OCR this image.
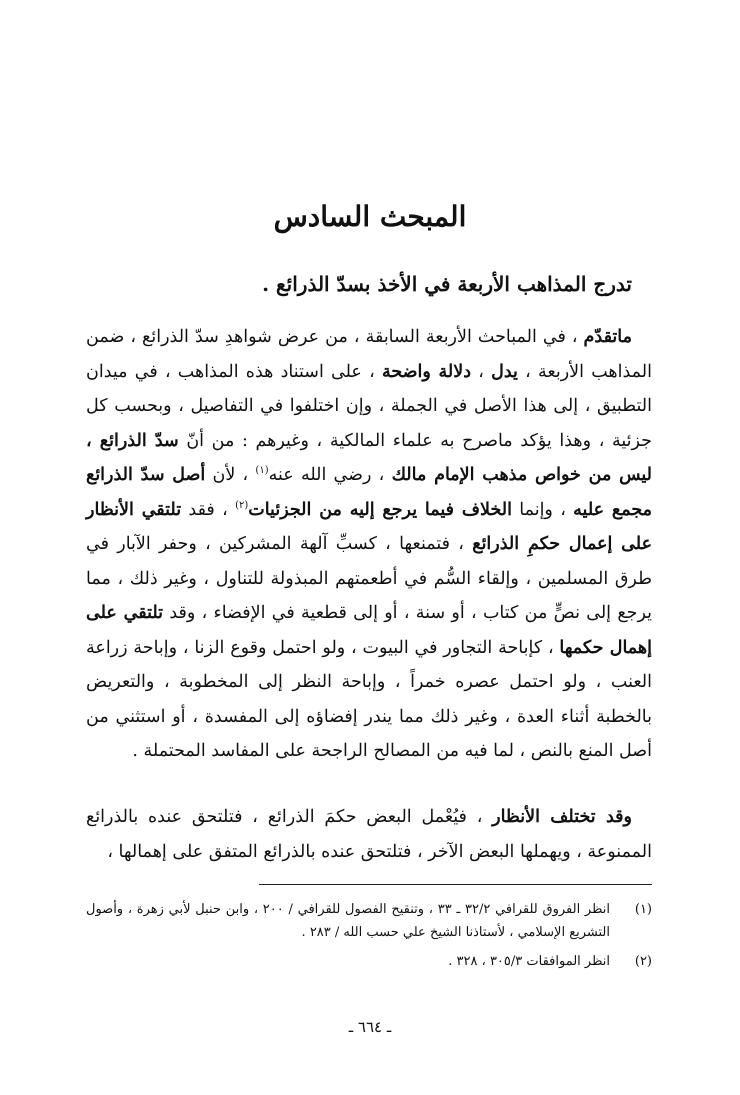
المبحث السادس
تدرج المذاهب الأربعة في الأخذ بسدّ الذرائع .

ماتقدّم ، في المباحث الأربعة السابقة ، من عرض شواهدِ سدّ الذرائع ، ضمن المذاهب الأربعة ، يدل ، دلالة واضحة ، على استناد هذه المذاهب ، في ميدان التطبيق ، إلى هذا الأصل في الجملة ، وإن اختلفوا في التفاصيل ، وبحسب كل جزئية ، وهذا يؤكد ماصرح به علماء المالكية ، وغيرهم : من أنّ سدّ الذرائع ، ليس من خواص مذهب الإمام مالك ، رضي الله عنه$^{(١)}$ ، لأن أصل سدّ الذرائع مجمع عليه ، وإنما الخلاف فيما يرجع إليه من الجزئيات$^{(٢)}$ ، فقد تلتقي الأنظار على إعمال حكمِ الذرائع ، فتمنعها ، كسبِّ آلهة المشركين ، وحفر الآبار في طرق المسلمين ، وإلقاء السُّم في أطعمتهم المبذولة للتناول ، وغير ذلك ، مما يرجع إلى نصٍّ من كتاب ، أو سنة ، أو إلى قطعية في الإفضاء ، وقد تلتقي على إهمال حكمها ، كإباحة التجاور في البيوت ، ولو احتمل وقوع الزنا ، وإباحة زراعة العنب ، ولو احتمل عصره خمراً ، وإباحة النظر إلى المخطوبة ، والتعريض بالخطبة أثناء العدة ، وغير ذلك مما يندر إفضاؤه إلى المفسدة ، أو استثني من أصل المنع بالنص ، لما فيه من المصالح الراجحة على المفاسد المحتملة .

وقد تختلف الأنظار ، فيُعْمل البعض حكمَ الذرائع ، فتلتحق عنده بالذرائع الممنوعة ، ويهملها البعض الآخر ، فتلتحق عنده بالذرائع المتفق على إهمالها ،

(١)
انظر الفروق للقرافي ٣٢/٢ ـ ٣٣ ، وتنقيح الفصول للقرافي / ٢٠٠ ، وابن حنبل لأبي زهرة ، وأصول التشريع الإسلامي ، لأستاذنا الشيخ علي حسب الله / ٢٨٣ .
(٢)
انظر الموافقات ٣٠٥/٣ ، ٣٢٨ .
ـ ٦٦٤ ـ
